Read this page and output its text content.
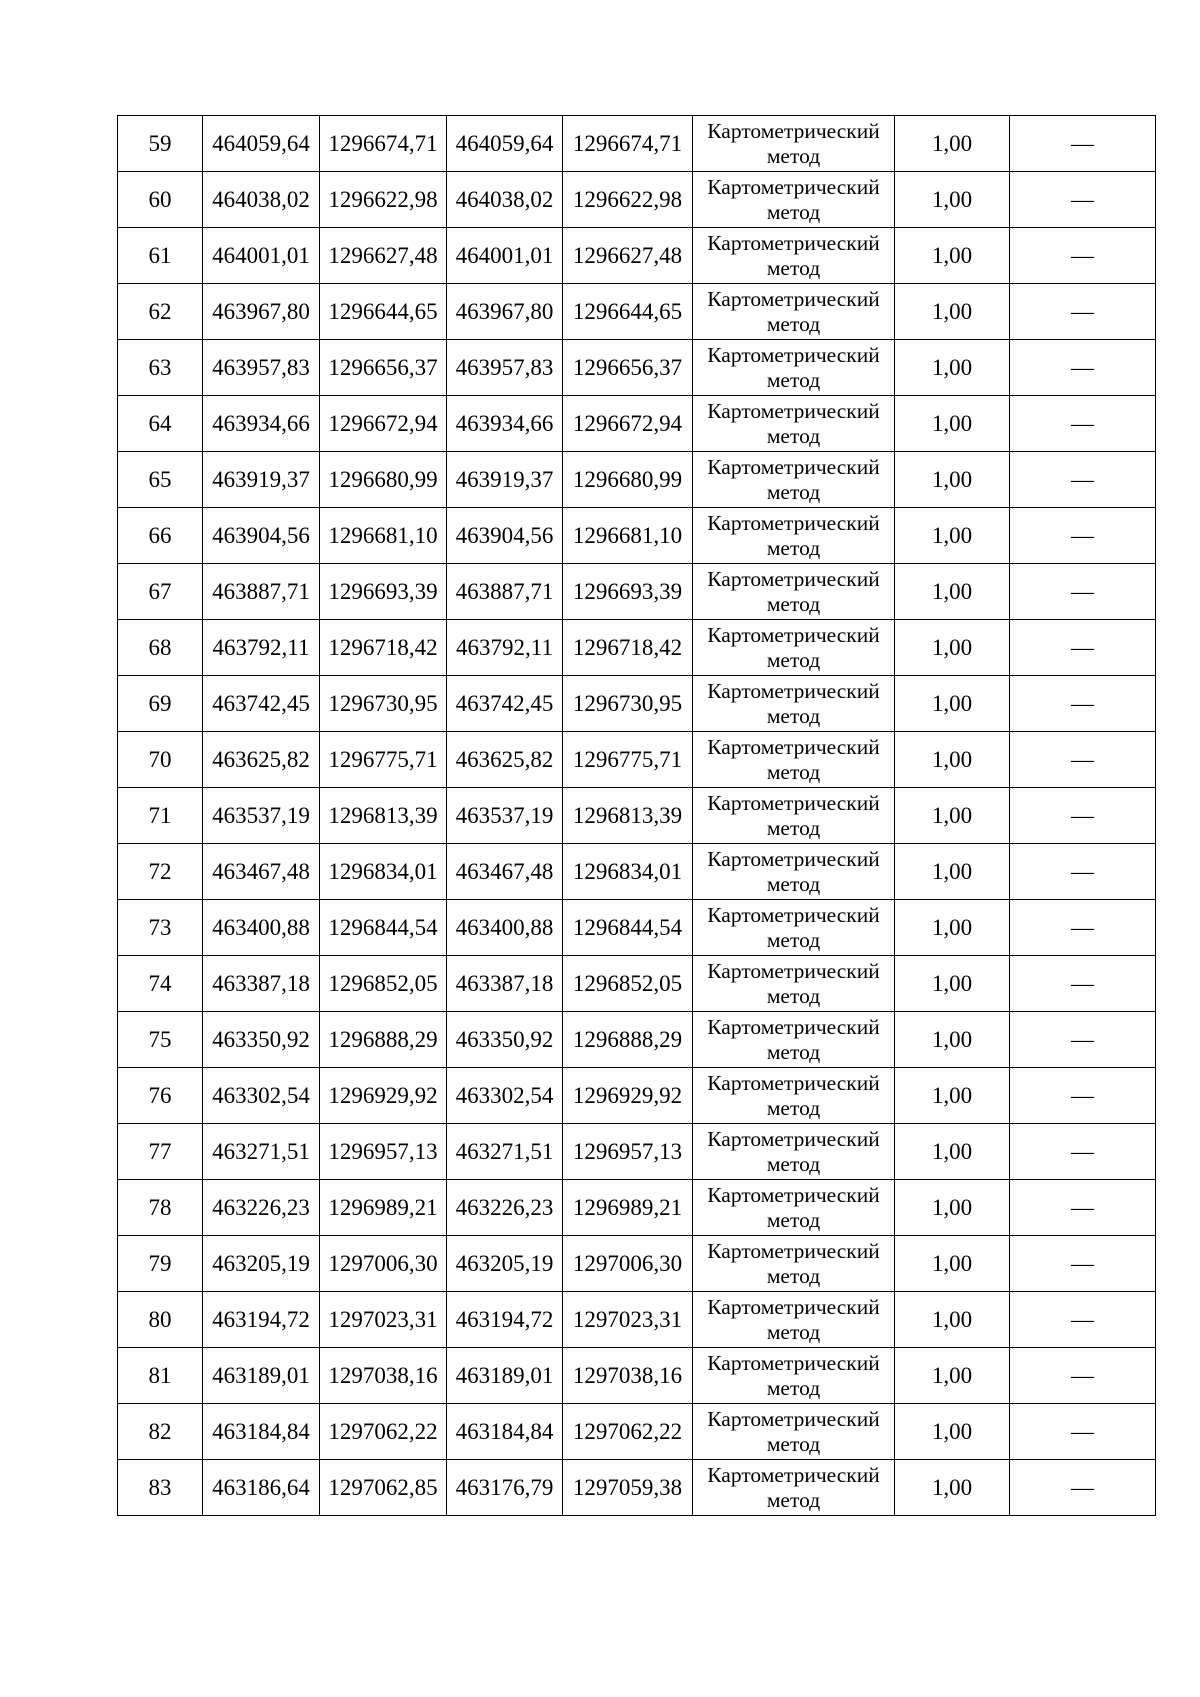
59	464059,64	1296674,71	464059,64	1296674,71	Картометрический
метод	1,00	—
60	464038,02	1296622,98	464038,02	1296622,98	Картометрический
метод	1,00	—
61	464001,01	1296627,48	464001,01	1296627,48	Картометрический
метод	1,00	—
62	463967,80	1296644,65	463967,80	1296644,65	Картометрический
метод	1,00	—
63	463957,83	1296656,37	463957,83	1296656,37	Картометрический
метод	1,00	—
64	463934,66	1296672,94	463934,66	1296672,94	Картометрический
метод	1,00	—
65	463919,37	1296680,99	463919,37	1296680,99	Картометрический
метод	1,00	—
66	463904,56	1296681,10	463904,56	1296681,10	Картометрический
метод	1,00	—
67	463887,71	1296693,39	463887,71	1296693,39	Картометрический
метод	1,00	—
68	463792,11	1296718,42	463792,11	1296718,42	Картометрический
метод	1,00	—
69	463742,45	1296730,95	463742,45	1296730,95	Картометрический
метод	1,00	—
70	463625,82	1296775,71	463625,82	1296775,71	Картометрический
метод	1,00	—
71	463537,19	1296813,39	463537,19	1296813,39	Картометрический
метод	1,00	—
72	463467,48	1296834,01	463467,48	1296834,01	Картометрический
метод	1,00	—
73	463400,88	1296844,54	463400,88	1296844,54	Картометрический
метод	1,00	—
74	463387,18	1296852,05	463387,18	1296852,05	Картометрический
метод	1,00	—
75	463350,92	1296888,29	463350,92	1296888,29	Картометрический
метод	1,00	—
76	463302,54	1296929,92	463302,54	1296929,92	Картометрический
метод	1,00	—
77	463271,51	1296957,13	463271,51	1296957,13	Картометрический
метод	1,00	—
78	463226,23	1296989,21	463226,23	1296989,21	Картометрический
метод	1,00	—
79	463205,19	1297006,30	463205,19	1297006,30	Картометрический
метод	1,00	—
80	463194,72	1297023,31	463194,72	1297023,31	Картометрический
метод	1,00	—
81	463189,01	1297038,16	463189,01	1297038,16	Картометрический
метод	1,00	—
82	463184,84	1297062,22	463184,84	1297062,22	Картометрический
метод	1,00	—
83	463186,64	1297062,85	463176,79	1297059,38	Картометрический
метод	1,00	—
